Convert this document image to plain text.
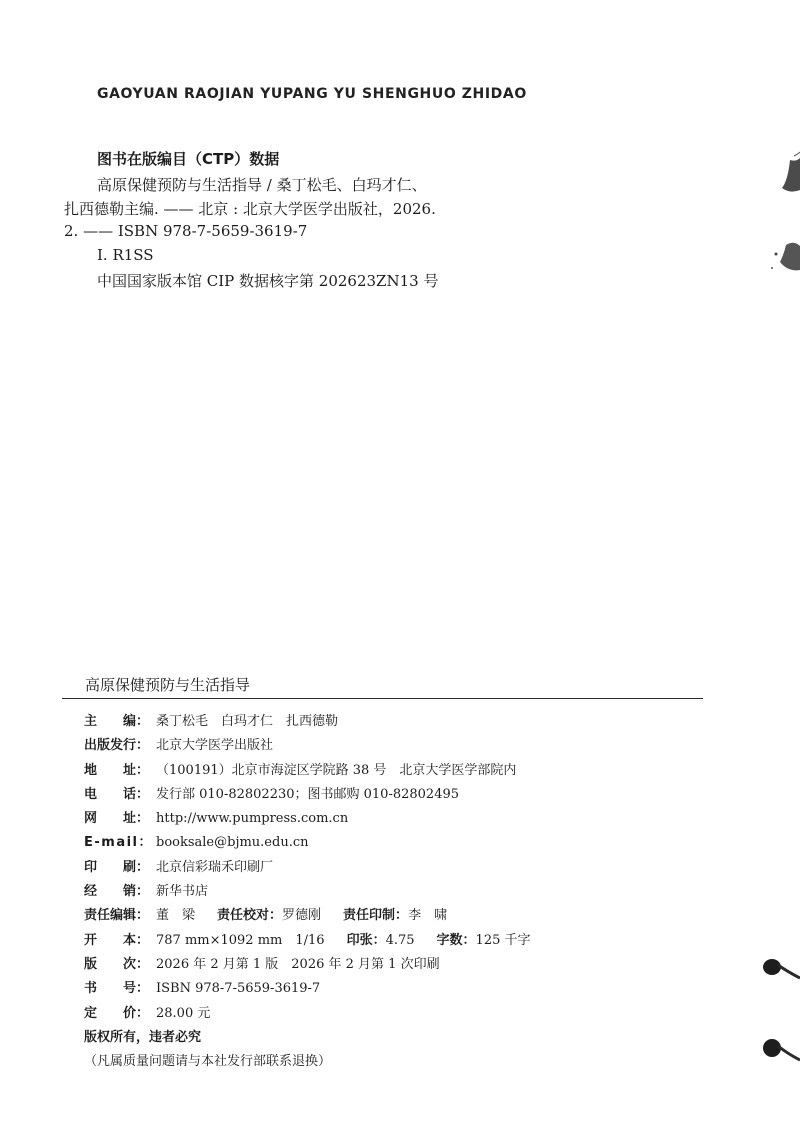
GAOYUAN RAOJIAN YUPANG YU SHENGHUO ZHIDAO
图书在版编目（CTP）数据
高原保健预防与生活指导 / 桑丁松毛、白玛才仁、
扎西德勒主编. —— 北京 : 北京大学医学出版社，2026.
2. —— ISBN 978-7-5659-3619-7
Ⅰ. R1SS
中国国家版本馆 CIP 数据核字第 202623ZN13 号
高原保健预防与生活指导
主　　编： 桑丁松毛　白玛才仁　扎西德勒
出版发行： 北京大学医学出版社
地　　址： （100191）北京市海淀区学院路 38 号　北京大学医学部院内
电　　话： 发行部 010-82802230；图书邮购 010-82802495
网　　址： http://www.pumpress.com.cn
E-mail： booksale@bjmu.edu.cn
印　　刷： 北京信彩瑞禾印刷厂
经　　销： 新华书店
责任编辑： 董　梁 责任校对：罗德刚 责任印制：李　啸
开　　本： 787 mm×1092 mm　1/16 印张：4.75 字数：125 千字
版　　次： 2026 年 2 月第 1 版　2026 年 2 月第 1 次印刷
书　　号： ISBN 978-7-5659-3619-7
定　　价： 28.00 元
版权所有，违者必究
（凡属质量问题请与本社发行部联系退换）
